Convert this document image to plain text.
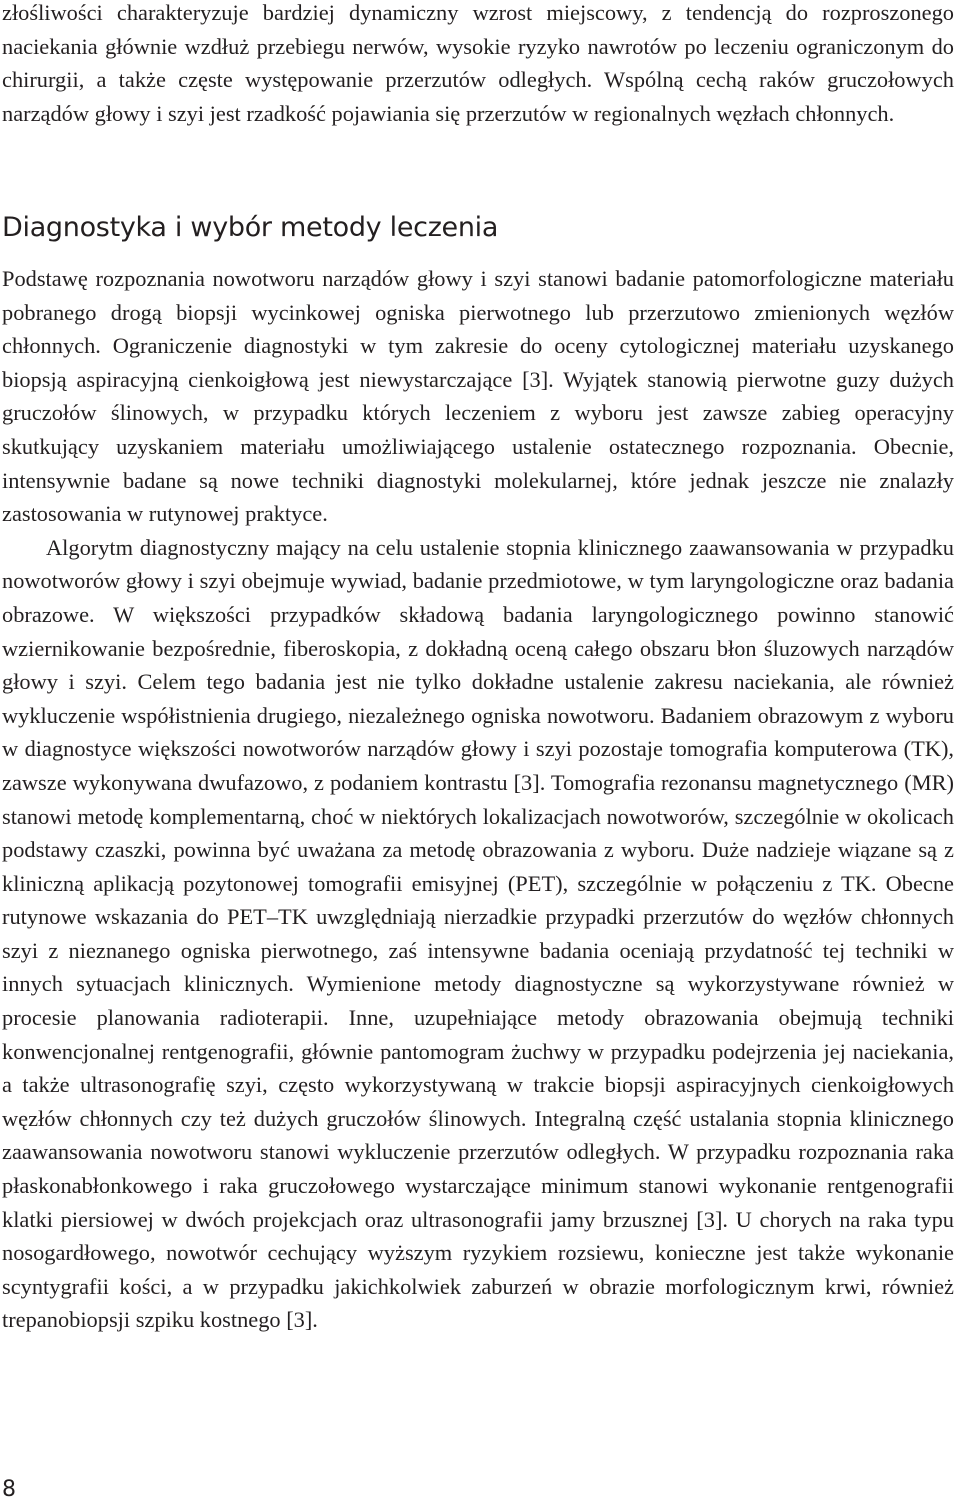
złośliwości charakteryzuje bardziej dynamiczny wzrost miejscowy, z tendencją do rozproszonego naciekania głównie wzdłuż przebiegu nerwów, wysokie ryzyko nawrotów po leczeniu ograniczonym do chirurgii, a także częste występowanie przerzutów odległych. Wspólną cechą raków gruczołowych narządów głowy i szyi jest rzadkość pojawiania się przerzutów w regionalnych węzłach chłonnych.

Diagnostyka i wybór metody leczenia

Podstawę rozpoznania nowotworu narządów głowy i szyi stanowi badanie patomorfologiczne materiału pobranego drogą biopsji wycinkowej ogniska pierwotnego lub przerzutowo zmienionych węzłów chłonnych. Ograniczenie diagnostyki w tym zakresie do oceny cytologicznej materiału uzyskanego biopsją aspiracyjną cienkoigłową jest niewystarczające [3]. Wyjątek stanowią pierwotne guzy dużych gruczołów ślinowych, w przypadku których leczeniem z wyboru jest zawsze zabieg operacyjny skutkujący uzyskaniem materiału umożliwiającego ustalenie ostatecznego rozpoznania. Obecnie, intensywnie badane są nowe techniki diagnostyki molekularnej, które jednak jeszcze nie znalazły zastosowania w rutynowej praktyce.

Algorytm diagnostyczny mający na celu ustalenie stopnia klinicznego zaawansowania w przypadku nowotworów głowy i szyi obejmuje wywiad, badanie przedmiotowe, w tym laryngologiczne oraz badania obrazowe. W większości przypadków składową badania laryngologicznego powinno stanowić wziernikowanie bezpośrednie, fiberoskopia, z dokładną oceną całego obszaru błon śluzowych narządów głowy i szyi. Celem tego badania jest nie tylko dokładne ustalenie zakresu naciekania, ale również wykluczenie współistnienia drugiego, niezależnego ogniska nowotworu. Badaniem obrazowym z wyboru w diagnostyce większości nowotworów narządów głowy i szyi pozostaje tomografia komputerowa (TK), zawsze wykonywana dwufazowo, z podaniem kontrastu [3]. Tomografia rezonansu magnetycznego (MR) stanowi metodę komplementarną, choć w niektórych lokalizacjach nowotworów, szczególnie w okolicach podstawy czaszki, powinna być uważana za metodę obrazowania z wyboru. Duże nadzieje wiązane są z kliniczną aplikacją pozytonowej tomografii emisyjnej (PET), szczególnie w połączeniu z TK. Obecne rutynowe wskazania do PET–TK uwzględniają nierzadkie przypadki przerzutów do węzłów chłonnych szyi z nieznanego ogniska pierwotnego, zaś intensywne badania oceniają przydatność tej techniki w innych sytuacjach klinicznych. Wymienione metody diagnostyczne są wykorzystywane również w procesie planowania radioterapii. Inne, uzupełniające metody obrazowania obejmują techniki konwencjonalnej rentgenografii, głównie pantomogram żuchwy w przypadku podejrzenia jej naciekania, a także ultrasonografię szyi, często wykorzystywaną w trakcie biopsji aspiracyjnych cienkoigłowych węzłów chłonnych czy też dużych gruczołów ślinowych. Integralną część ustalania stopnia klinicznego zaawansowania nowotworu stanowi wykluczenie przerzutów odległych. W przypadku rozpoznania raka płaskonabłonkowego i raka gruczołowego wystarczające minimum stanowi wykonanie rentgenografii klatki piersiowej w dwóch projekcjach oraz ultrasonografii jamy brzusznej [3]. U chorych na raka typu nosogardłowego, nowotwór cechujący wyższym ryzykiem rozsiewu, konieczne jest także wykonanie scyntygrafii kości, a w przypadku jakichkolwiek zaburzeń w obrazie morfologicznym krwi, również trepanobiopsji szpiku kostnego [3].

8
